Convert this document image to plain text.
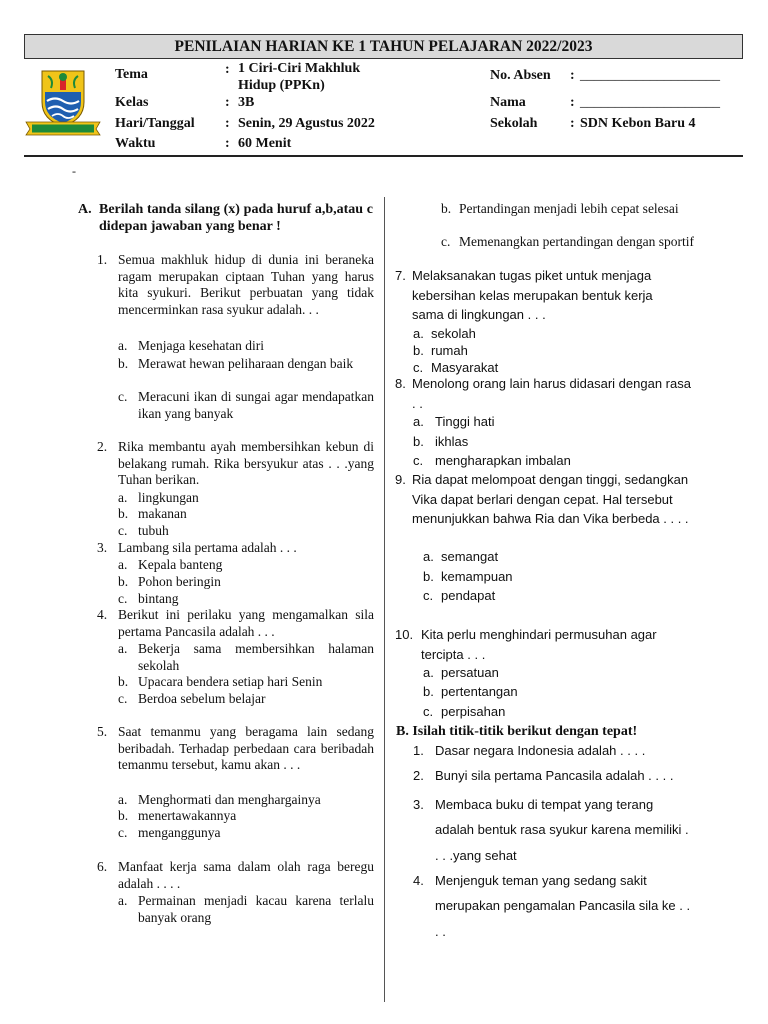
PENILAIAN HARIAN KE 1 TAHUN PELAJARAN 2022/2023
Tema	: 1 Ciri-Ciri Makhluk Hidup (PPKn)
Kelas	: 3B
Hari/Tanggal : Senin, 29 Agustus 2022
Waktu	: 60 Menit
No. Absen : ____________________
Nama	: ____________________
Sekolah : SDN Kebon Baru 4
-
A. Berilah tanda silang (x) pada huruf a,b,atau c didepan jawaban yang benar !
1. Semua makhluk hidup di dunia ini beraneka ragam merupakan ciptaan Tuhan yang harus kita syukuri. Berikut perbuatan yang tidak mencerminkan rasa syukur adalah. . .
a. Menjaga kesehatan diri
b. Merawat hewan peliharaan dengan baik
c. Meracuni ikan di sungai agar mendapatkan ikan yang banyak
2. Rika membantu ayah membersihkan kebun di belakang rumah. Rika bersyukur atas . . .yang Tuhan berikan.
a. lingkungan
b. makanan
c. tubuh
3. Lambang sila pertama adalah . . .
a. Kepala banteng
b. Pohon beringin
c. bintang
4. Berikut ini perilaku yang mengamalkan sila pertama Pancasila adalah . . .
a. Bekerja sama membersihkan halaman sekolah
b. Upacara bendera setiap hari Senin
c. Berdoa sebelum belajar
5. Saat temanmu yang beragama lain sedang beribadah. Terhadap perbedaan cara beribadah temanmu tersebut, kamu akan . . .
a. Menghormati dan menghargainya
b. menertawakannya
c. menganggunya
6. Manfaat kerja sama dalam olah raga beregu adalah . . . .
a. Permainan menjadi kacau karena terlalu banyak orang
b. Pertandingan menjadi lebih cepat selesai
c. Memenangkan pertandingan dengan sportif
7. Melaksanakan tugas piket untuk menjaga kebersihan kelas merupakan bentuk kerja sama di lingkungan . . .
a. sekolah
b. rumah
c. Masyarakat
8. Menolong orang lain harus didasari dengan rasa . .
a. Tinggi hati
b. ikhlas
c. mengharapkan imbalan
9. Ria dapat melompoat dengan tinggi, sedangkan Vika dapat berlari dengan cepat. Hal tersebut menunjukkan bahwa Ria dan Vika berbeda . . . .
a. semangat
b. kemampuan
c. pendapat
10. Kita perlu menghindari permusuhan agar tercipta . . .
a. persatuan
b. pertentangan
c. perpisahan
B. Isilah titik-titik berikut dengan tepat!
1. Dasar negara Indonesia adalah . . . .
2. Bunyi sila pertama Pancasila adalah . . . .
3. Membaca buku di tempat yang terang adalah bentuk rasa syukur karena memiliki . . . .yang sehat
4. Menjenguk teman yang sedang sakit merupakan pengamalan Pancasila sila ke . . . .
